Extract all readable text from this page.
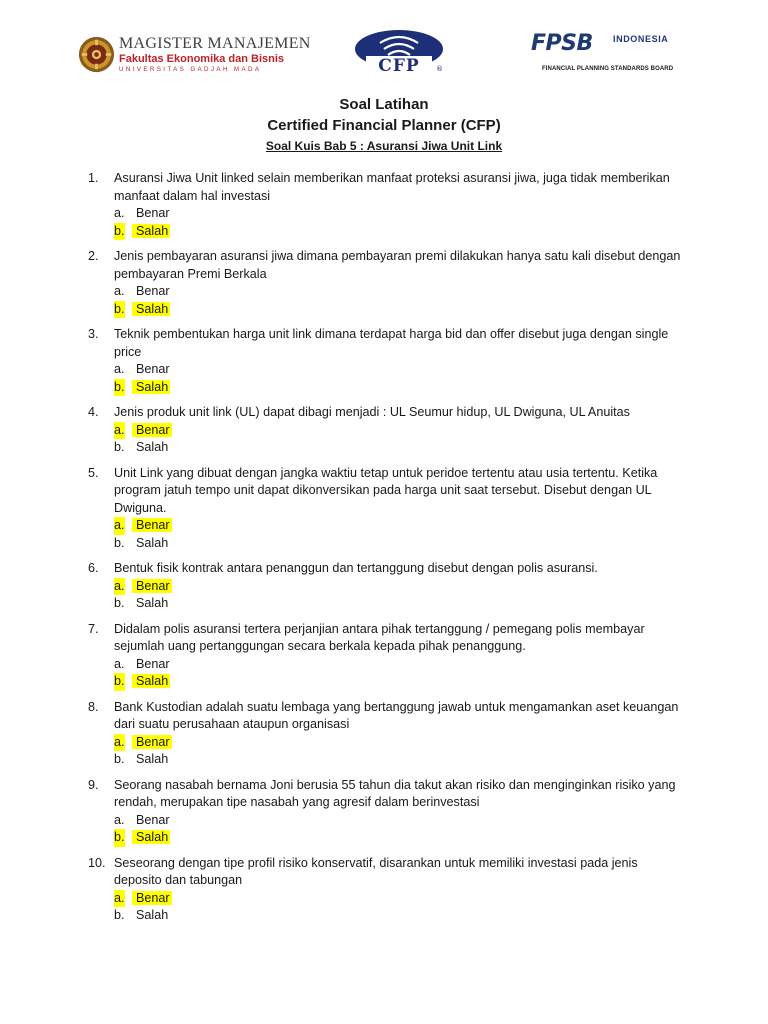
MAGISTER MANAJEMEN
Fakultas Ekonomika dan Bisnis
UNIVERSITAS GADJAH MADA	CFP ®
FPSB INDONESIA
FINANCIAL PLANNING STANDARDS BOARD
Soal Latihan
Certified Financial Planner (CFP)
Soal Kuis Bab 5 : Asuransi Jiwa Unit Link
1. Asuransi Jiwa Unit linked selain memberikan manfaat proteksi asuransi jiwa, juga tidak memberikan manfaat dalam hal investasi
a. Benar
b. Salah
2. Jenis pembayaran asuransi jiwa dimana pembayaran premi dilakukan hanya satu kali disebut dengan pembayaran Premi Berkala
a. Benar
b. Salah
3. Teknik pembentukan harga unit link dimana terdapat harga bid dan offer disebut juga dengan single price
a. Benar
b. Salah
4. Jenis produk unit link (UL) dapat dibagi menjadi : UL Seumur hidup, UL Dwiguna, UL Anuitas
a. Benar
b. Salah
5. Unit Link yang dibuat dengan jangka waktiu tetap untuk peridoe tertentu atau usia tertentu. Ketika program jatuh tempo unit dapat dikonversikan pada harga unit saat tersebut. Disebut dengan UL Dwiguna.
a. Benar
b. Salah
6. Bentuk fisik kontrak antara penanggun dan tertanggung disebut dengan polis asuransi.
a. Benar
b. Salah
7. Didalam polis asuransi tertera perjanjian antara pihak tertanggung / pemegang polis membayar sejumlah uang pertanggungan secara berkala kepada pihak penanggung.
a. Benar
b. Salah
8. Bank Kustodian adalah suatu lembaga yang bertanggung jawab untuk mengamankan aset keuangan dari suatu perusahaan ataupun organisasi
a. Benar
b. Salah
9. Seorang nasabah bernama Joni berusia 55 tahun dia takut akan risiko dan menginginkan risiko yang rendah, merupakan tipe nasabah yang agresif dalam berinvestasi
a. Benar
b. Salah
10. Seseorang dengan tipe profil risiko konservatif, disarankan untuk memiliki investasi pada jenis deposito dan tabungan
a. Benar
b. Salah
